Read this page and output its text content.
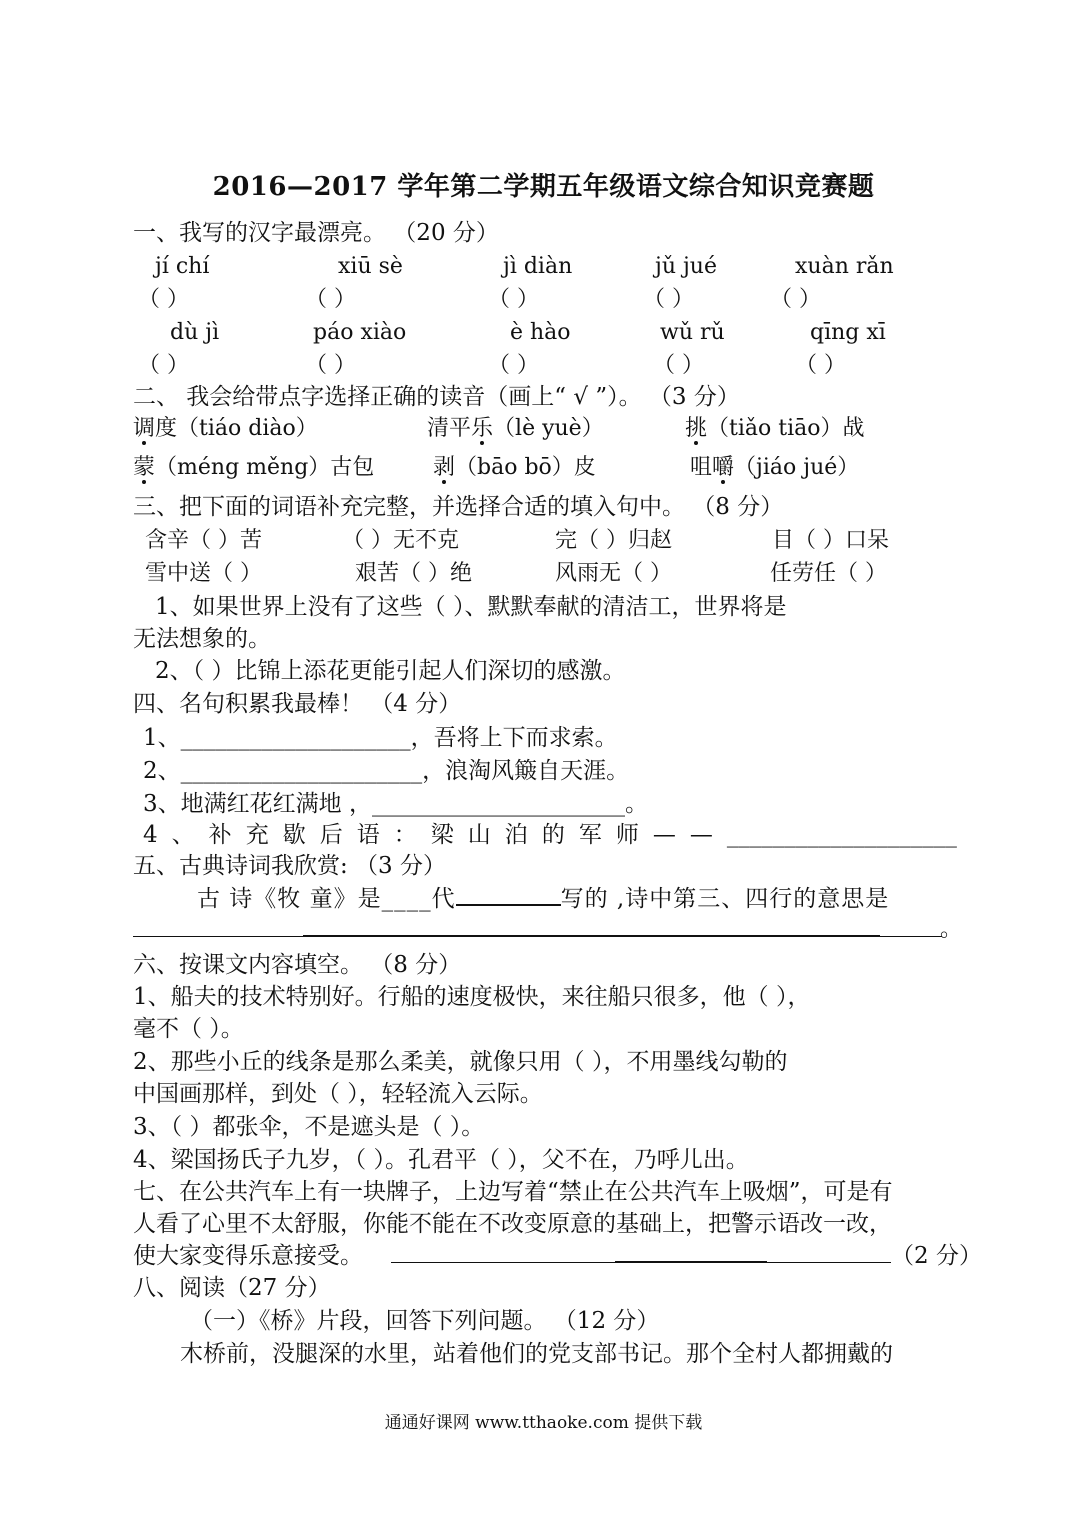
2016—2017 学年第二学期五年级语文综合知识竞赛题
一、我写的汉字最漂亮。 （20 分）
jí chí	xiū sè	jì diàn	jǔ jué	xuàn rǎn
（ ）	（ ）	（ ）	（ ）	（ ）
dù jì	páo xiào	è hào	wǔ rǔ	qīng xī
（ ）	（ ）	（ ）	（ ）	（ ）
二、 我会给带点字选择正确的读音（画上“ √ ”）。 （3 分）
调度（tiáo diào）	清平乐（lè yuè）	挑（tiǎo tiāo）战
蒙（méng měng）古包	剥（bāo bō）皮	咀嚼（jiáo jué）
三、把下面的词语补充完整，并选择合适的填入句中。 （8 分）
含辛（ ）苦	（ ）无不克	完（ ）归赵	目（ ）口呆
雪中送（ ）	艰苦（ ）绝	风雨无（ ）	任劳任（ ）
1、如果世界上没有了这些（ ）、默默奉献的清洁工，世界将是
无法想象的。
2、（ ）比锦上添花更能引起人们深切的感激。
四、名句积累我最棒！ （4 分）
1、____________________，吾将上下而求索。
2、_____________________，浪淘风簸自天涯。
3、地满红花红满地 ，______________________。
4 、 补 充 歇 后 语 ： 梁 山 泊 的 军 师 — — ____________________
五、古典诗词我欣赏: （3 分）
古 诗《牧 童》是____代	写的 ,诗中第三、四行的意思是
。
六、按课文内容填空。 （8 分）
1、船夫的技术特别好。行船的速度极快，来往船只很多，他（ ），
毫不（ ）。
2、那些小丘的线条是那么柔美，就像只用（ ），不用墨线勾勒的
中国画那样，到处（ ），轻轻流入云际。
3、（ ）都张伞，不是遮头是（ ）。
4、梁国扬氏子九岁，（ ）。孔君平（ ），父不在，乃呼儿出。
七、在公共汽车上有一块牌子，上边写着“禁止在公共汽车上吸烟”，可是有
人看了心里不太舒服，你能不能在不改变原意的基础上，把警示语改一改，
使大家变得乐意接受。	（2 分）
八、阅读（27 分）
（一）《桥》片段，回答下列问题。 （12 分）
木桥前，没腿深的水里，站着他们的党支部书记。那个全村人都拥戴的
通通好课网 www.tthaoke.com 提供下载
